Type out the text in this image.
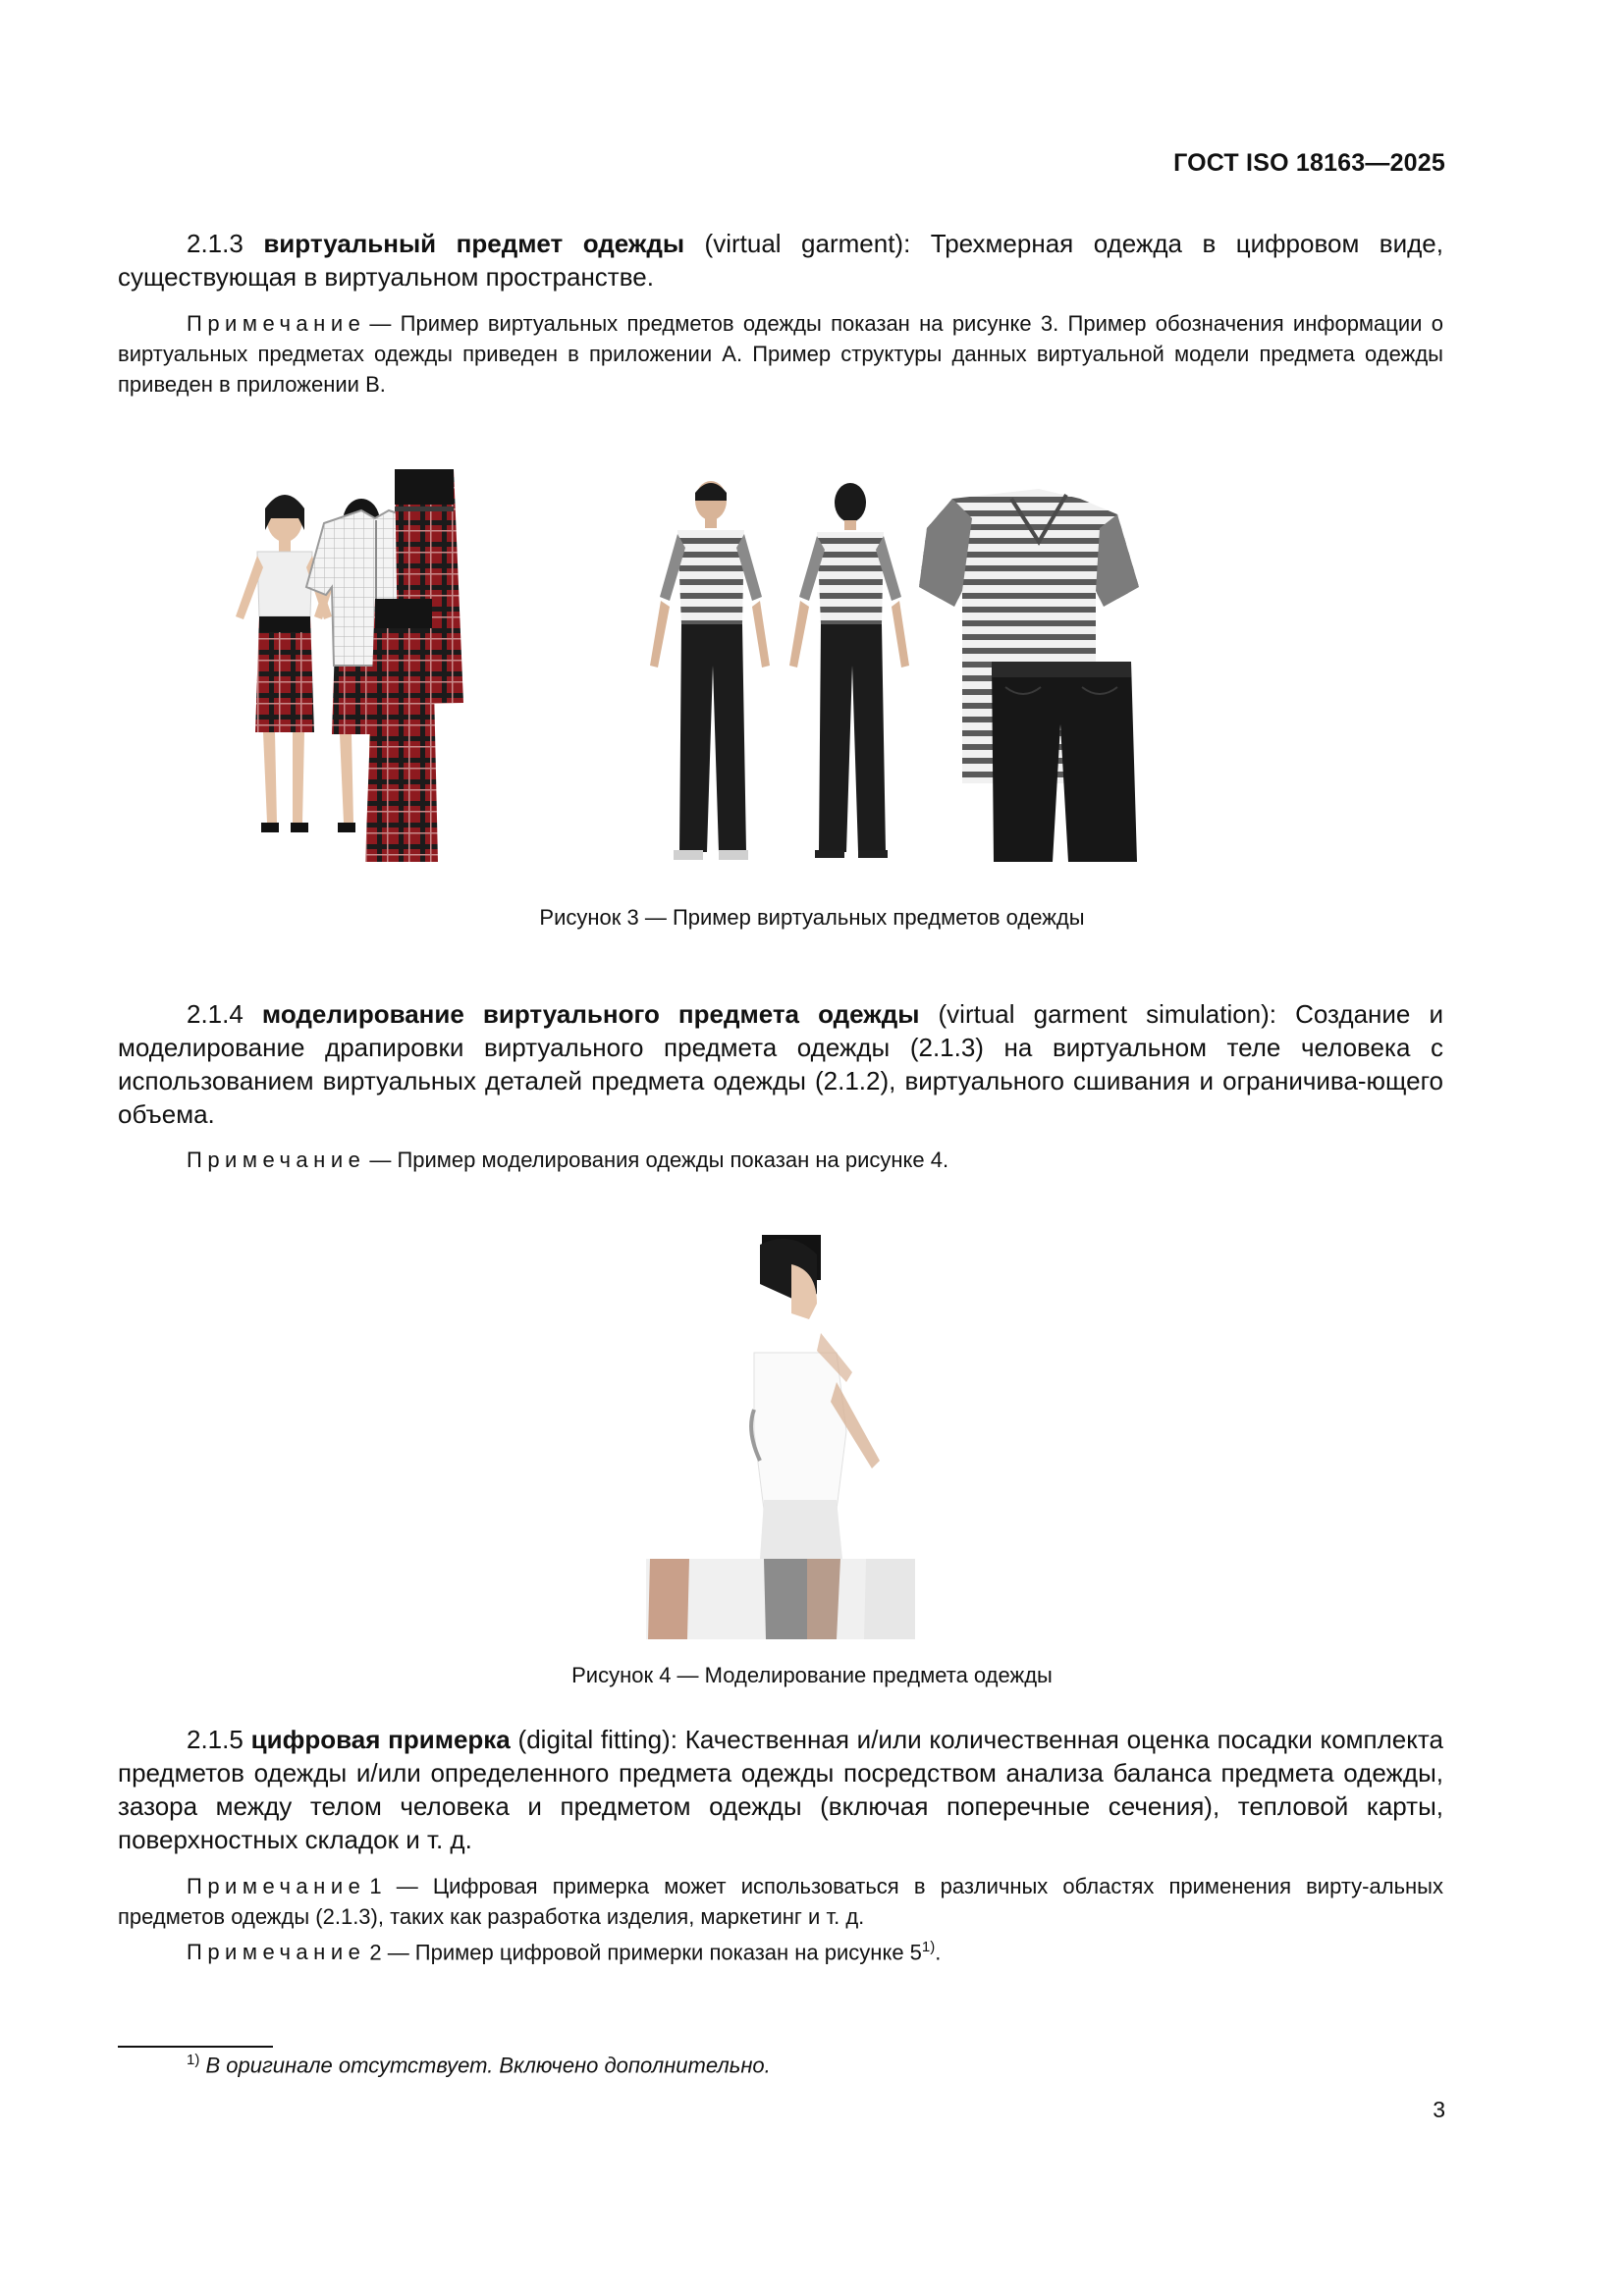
ГОСТ ISO 18163—2025
2.1.3 виртуальный предмет одежды (virtual garment): Трехмерная одежда в цифровом виде, существующая в виртуальном пространстве.
Примечание — Пример виртуальных предметов одежды показан на рисунке 3. Пример обозначения информации о виртуальных предметах одежды приведен в приложении А. Пример структуры данных виртуальной модели предмета одежды приведен в приложении В.
Рисунок 3 — Пример виртуальных предметов одежды
2.1.4 моделирование виртуального предмета одежды (virtual garment simulation): Создание и моделирование драпировки виртуального предмета одежды (2.1.3) на виртуальном теле человека с использованием виртуальных деталей предмета одежды (2.1.2), виртуального сшивания и ограничива-ющего объема.
Примечание — Пример моделирования одежды показан на рисунке 4.
Рисунок 4 — Моделирование предмета одежды
2.1.5 цифровая примерка (digital fitting): Качественная и/или количественная оценка посадки комплекта предметов одежды и/или определенного предмета одежды посредством анализа баланса предмета одежды, зазора между телом человека и предметом одежды (включая поперечные сечения), тепловой карты, поверхностных складок и т. д.
Примечание 1 — Цифровая примерка может использоваться в различных областях применения вирту-альных предметов одежды (2.1.3), таких как разработка изделия, маркетинг и т. д.
Примечание 2 — Пример цифровой примерки показан на рисунке 5$^{1)}$.
$^{1)}$ В оригинале отсутствует. Включено дополнительно.
3
